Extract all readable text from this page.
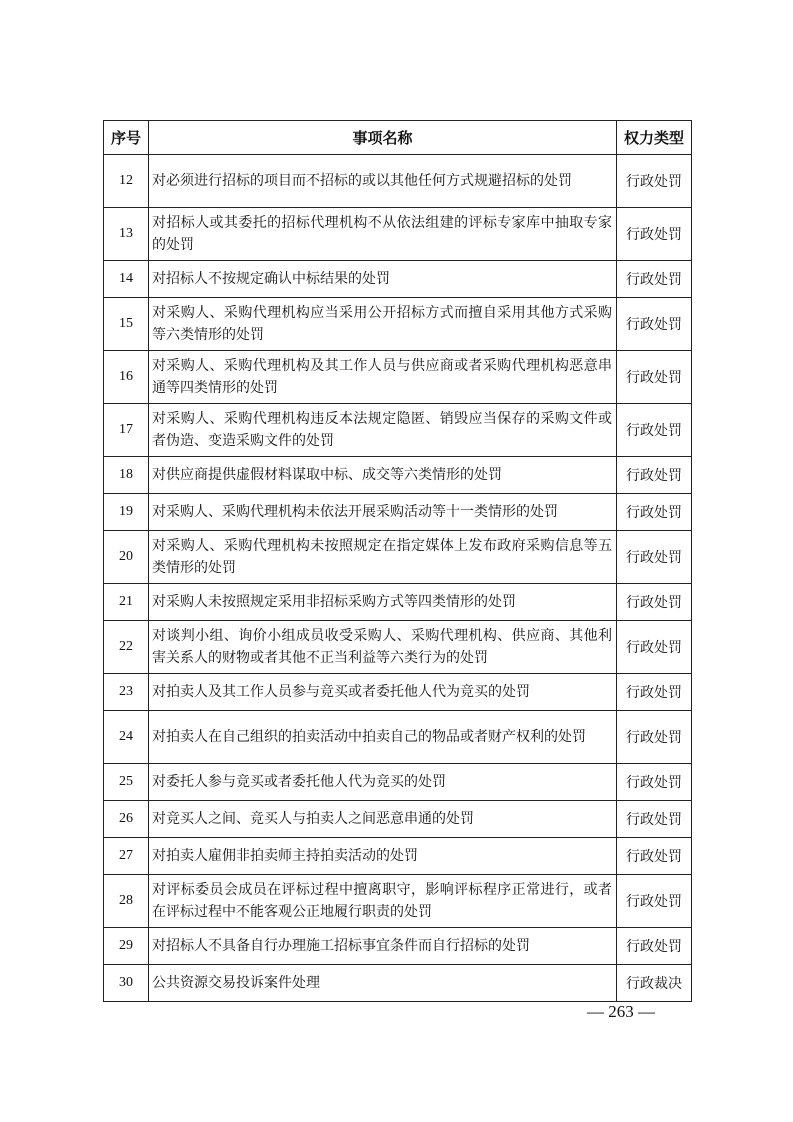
序号	事项名称	权力类型
12	对必须进行招标的项目而不招标的或以其他任何方式规避招标的处罚	行政处罚
13	对招标人或其委托的招标代理机构不从依法组建的评标专家库中抽取专家的处罚	行政处罚
14	对招标人不按规定确认中标结果的处罚	行政处罚
15	对采购人、采购代理机构应当采用公开招标方式而擅自采用其他方式采购等六类情形的处罚	行政处罚
16	对采购人、采购代理机构及其工作人员与供应商或者采购代理机构恶意串通等四类情形的处罚	行政处罚
17	对采购人、采购代理机构违反本法规定隐匿、销毁应当保存的采购文件或者伪造、变造采购文件的处罚	行政处罚
18	对供应商提供虚假材料谋取中标、成交等六类情形的处罚	行政处罚
19	对采购人、采购代理机构未依法开展采购活动等十一类情形的处罚	行政处罚
20	对采购人、采购代理机构未按照规定在指定媒体上发布政府采购信息等五类情形的处罚	行政处罚
21	对采购人未按照规定采用非招标采购方式等四类情形的处罚	行政处罚
22	对谈判小组、询价小组成员收受采购人、采购代理机构、供应商、其他利害关系人的财物或者其他不正当利益等六类行为的处罚	行政处罚
23	对拍卖人及其工作人员参与竞买或者委托他人代为竞买的处罚	行政处罚
24	对拍卖人在自己组织的拍卖活动中拍卖自己的物品或者财产权利的处罚	行政处罚
25	对委托人参与竞买或者委托他人代为竞买的处罚	行政处罚
26	对竞买人之间、竞买人与拍卖人之间恶意串通的处罚	行政处罚
27	对拍卖人雇佣非拍卖师主持拍卖活动的处罚	行政处罚
28	对评标委员会成员在评标过程中擅离职守，影响评标程序正常进行，或者在评标过程中不能客观公正地履行职责的处罚	行政处罚
29	对招标人不具备自行办理施工招标事宜条件而自行招标的处罚	行政处罚
30	公共资源交易投诉案件处理	行政裁决
— 263 —
